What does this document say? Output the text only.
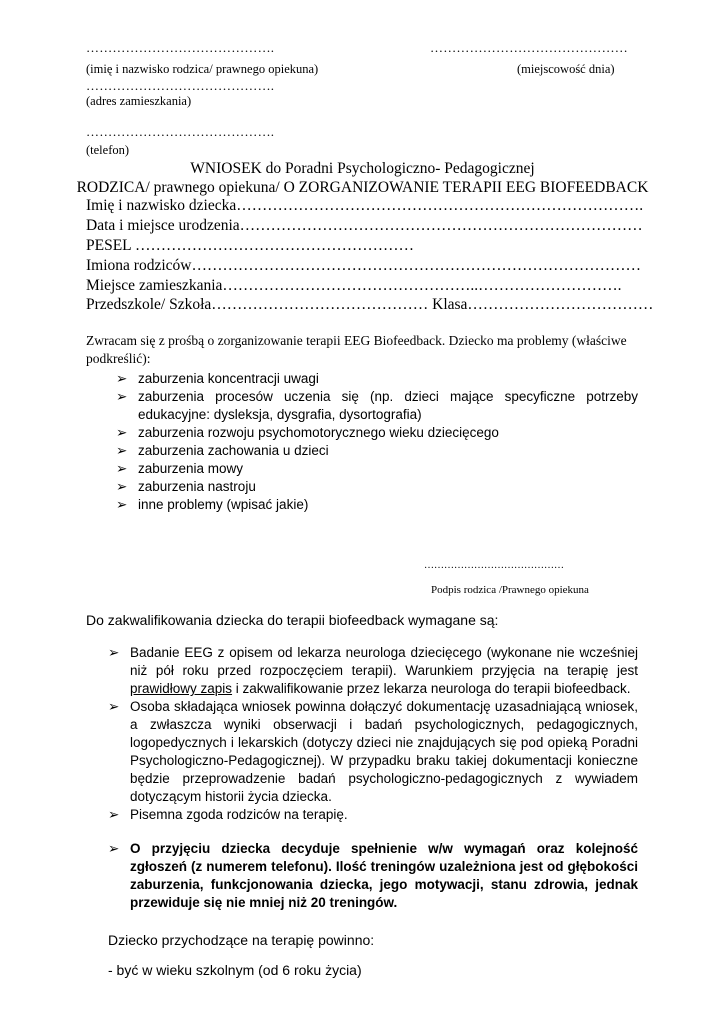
…………………………………….	………………………………………
(imię i nazwisko rodzica/ prawnego opiekuna)	(miejscowość dnia)
…………………………………….
(adres zamieszkania)
…………………………………….
(telefon)
WNIOSEK do Poradni Psychologiczno- Pedagogicznej
RODZICA/ prawnego opiekuna/ O ZORGANIZOWANIE TERAPII EEG BIOFEEDBACK
Imię i nazwisko dziecka…………………………………………………………………….
Data i miejsce urodzenia……………………………………………………………………
PESEL ………………………………………………
Imiona rodziców……………………………………………………………………………
Miejsce zamieszkania…………………………………………..……………………….
Przedszkole/ Szkoła…………………………………… Klasa………………………………
Zwracam się z prośbą o zorganizowanie terapii EEG Biofeedback. Dziecko ma problemy (właściwe podkreślić):
➢ zaburzenia koncentracji uwagi
➢ zaburzenia procesów uczenia się (np. dzieci mające specyficzne potrzeby edukacyjne: dysleksja, dysgrafia, dysortografia)
➢ zaburzenia rozwoju psychomotorycznego wieku dziecięcego
➢ zaburzenia zachowania u dzieci
➢ zaburzenia mowy
➢ zaburzenia nastroju
➢ inne problemy (wpisać jakie)
……………………………………
Podpis rodzica /Prawnego opiekuna
Do zakwalifikowania dziecka do terapii biofeedback wymagane są:
➢ Badanie EEG z opisem od lekarza neurologa dziecięcego (wykonane nie wcześniej niż pół roku przed rozpoczęciem terapii). Warunkiem przyjęcia na terapię jest prawidłowy zapis i zakwalifikowanie przez lekarza neurologa do terapii biofeedback.
➢ Osoba składająca wniosek powinna dołączyć dokumentację uzasadniającą wniosek, a zwłaszcza wyniki obserwacji i badań psychologicznych, pedagogicznych, logopedycznych i lekarskich (dotyczy dzieci nie znajdujących się pod opieką Poradni Psychologiczno-Pedagogicznej). W przypadku braku takiej dokumentacji konieczne będzie przeprowadzenie badań psychologiczno-pedagogicznych z wywiadem dotyczącym historii życia dziecka.
➢ Pisemna zgoda rodziców na terapię.
➢ O przyjęciu dziecka decyduje spełnienie w/w wymagań oraz kolejność zgłoszeń (z numerem telefonu). Ilość treningów uzależniona jest od głębokości zaburzenia, funkcjonowania dziecka, jego motywacji, stanu zdrowia, jednak przewiduje się nie mniej niż 20 treningów.
Dziecko przychodzące na terapię powinno:
- być w wieku szkolnym (od 6 roku życia)
